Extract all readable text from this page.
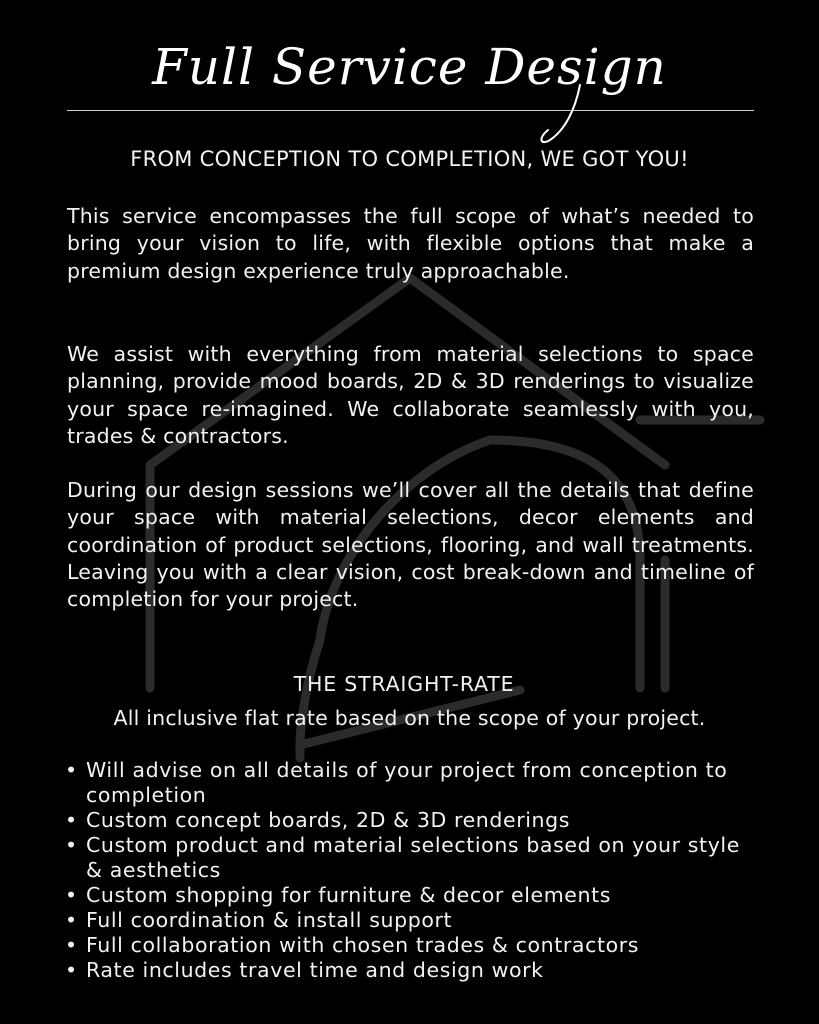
Full Service Design
FROM CONCEPTION TO COMPLETION, WE GOT YOU!

This service encompasses the full scope of what’s needed to bring your vision to life, with flexible options that make a premium design experience truly approachable.

We assist with everything from material selections to space planning, provide mood boards, 2D & 3D renderings to visualize your space re-imagined. We collaborate seamlessly with you, trades & contractors.

During our design sessions we’ll cover all the details that define your space with material selections, decor elements and coordination of product selections, flooring, and wall treatments. Leaving you with a clear vision, cost break-down and timeline of completion for your project.

THE STRAIGHT-RATE
All inclusive flat rate based on the scope of your project.
• Will advise on all details of your project from conception to completion
• Custom concept boards, 2D & 3D renderings
• Custom product and material selections based on your style & aesthetics
• Custom shopping for furniture & decor elements
• Full coordination & install support
• Full collaboration with chosen trades & contractors
• Rate includes travel time and design work
